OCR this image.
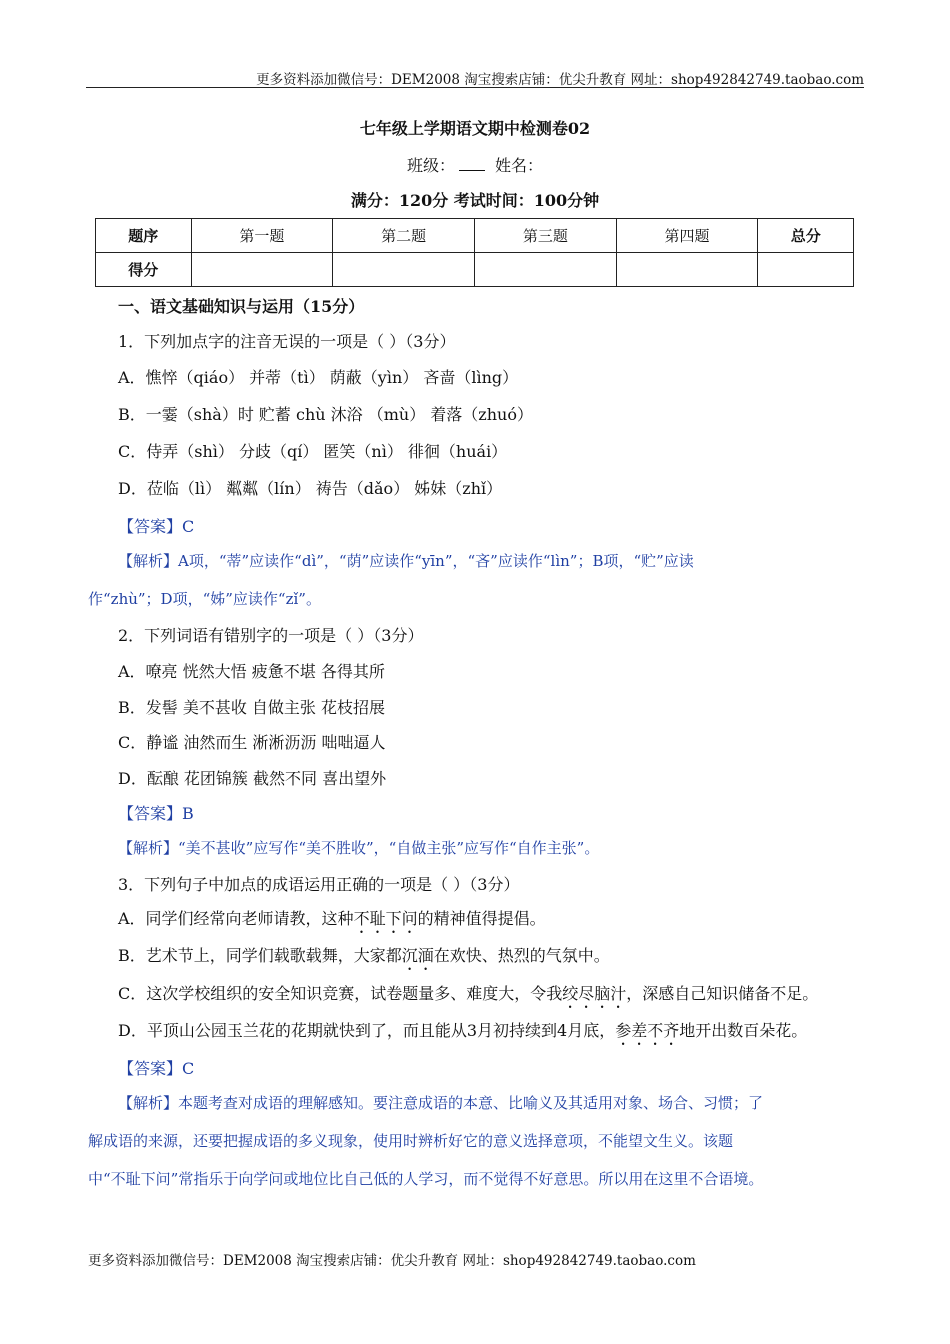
更多资料添加微信号：DEM2008 淘宝搜索店铺：优尖升教育 网址：shop492842749.taobao.com
七年级上学期语文期中检测卷02
班级：	姓名：
满分：120分 考试时间：100分钟
题序	第一题	第二题	第三题	第四题	总分
得分					
一、语文基础知识与运用（15分）
1．下列加点字的注音无误的一项是（ ）（3分）
A．憔悴（qiáo） 并蒂（tì） 荫蔽（yìn） 吝啬（lìng）
B．一霎（shà）时 贮蓄 chù 沐浴 （mù） 着落（zhuó）
C．侍弄（shì） 分歧（qí） 匿笑（nì） 徘徊（huái）
D．莅临（lì） 粼粼（lín） 祷告（dǎo） 姊妹（zhǐ）
【答案】C
【解析】A项，“蒂”应读作“dì”，“荫”应读作“yīn”，“吝”应读作“lìn”；B项，“贮”应读
作“zhù”；D项，“姊”应读作“zǐ”。
2．下列词语有错别字的一项是（ ）（3分）
A．嘹亮 恍然大悟 疲惫不堪 各得其所
B．发髻 美不甚收 自做主张 花枝招展
C．静谧 油然而生 淅淅沥沥 咄咄逼人
D．酝酿 花团锦簇 截然不同 喜出望外
【答案】B
【解析】“美不甚收”应写作“美不胜收”，“自做主张”应写作“自作主张”。
3．下列句子中加点的成语运用正确的一项是（ ）（3分）
A．同学们经常向老师请教，这种不耻下问的精神值得提倡。
B．艺术节上，同学们载歌载舞，大家都沉湎在欢快、热烈的气氛中。
C．这次学校组织的安全知识竞赛，试卷题量多、难度大，令我绞尽脑汁，深感自己知识储备不足。
D．平顶山公园玉兰花的花期就快到了，而且能从3月初持续到4月底，参差不齐地开出数百朵花。
【答案】C
【解析】本题考查对成语的理解感知。要注意成语的本意、比喻义及其适用对象、场合、习惯；了
解成语的来源，还要把握成语的多义现象，使用时辨析好它的意义选择意项，不能望文生义。该题
中“不耻下问”常指乐于向学问或地位比自己低的人学习，而不觉得不好意思。所以用在这里不合语境。
更多资料添加微信号：DEM2008 淘宝搜索店铺：优尖升教育 网址：shop492842749.taobao.com
